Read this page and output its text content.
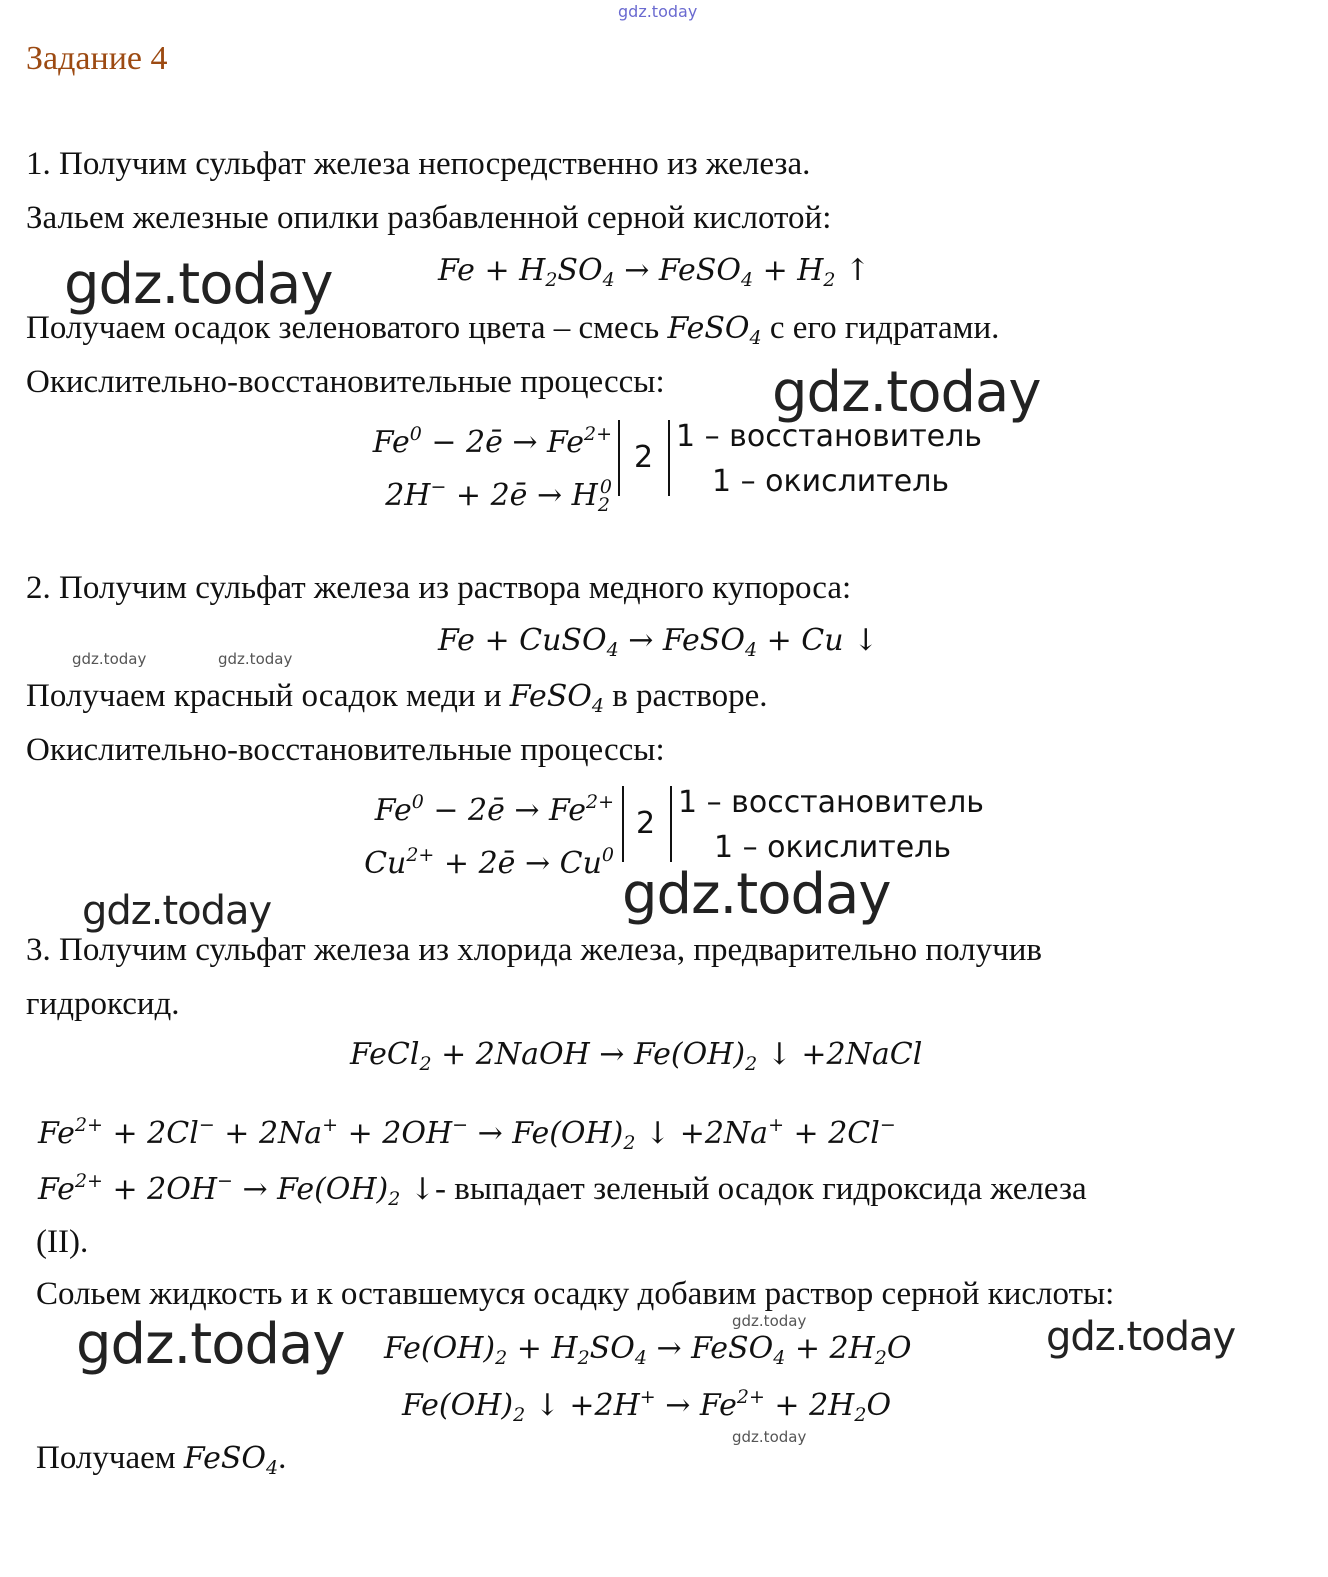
gdz.today
gdz.today
gdz.today
gdz.today	gdz.today
gdz.today
gdz.today
gdz.today	gdz.today
gdz.today
gdz.today
Задание 4
1. Получим сульфат железа непосредственно из железа.
Зальем железные опилки разбавленной серной кислотой:
$Fe + H_2SO_4$ → FeSO$_4$ + $H_2$ ↑
Получаем осадок зеленоватого цвета – смесь FeSO$_4$ с его гидратами.
Окислительно-восстановительные процессы:
$Fe^0$ − 2ē → $Fe^{2+}$
2H− + 2ē → $H_2^0$
2
1 – восстановитель
1 – окислитель
2. Получим сульфат железа из раствора медного купороса:
Fe + CuSO$_4$ → FeSO$_4$ + Cu ↓
Получаем красный осадок меди и FeSO$_4$ в растворе.
Окислительно-восстановительные процессы:
$Fe^0$ − 2ē → $Fe^{2+}$
$Cu^{2+}$ + 2ē → $Cu^0$
2
1 – восстановитель
1 – окислитель
3. Получим сульфат железа из хлорида железа, предварительно получив
гидроксид.
FeCl$_2$ + 2NaOH → $Fe(OH)_2$ ↓ +2NaCl
$Fe^{2+} + 2Cl^- + 2Na^+ + 2OH^- \to Fe(OH)_2$ ↓ +2Na+ + 2Cl−
$Fe^{2+} + 2OH^- \to Fe(OH)_2$ ↓- выпадает зеленый осадок гидроксида железа
(II).
Сольем жидкость и к оставшемуся осадку добавим раствор серной кислоты:
$Fe(OH)_2 + H_2SO_4$ → FeSO$_4$ + $2H_2O$
$Fe(OH)_2$ ↓ $+2H^+ \to Fe^{2+} + 2H_2O$
Получаем FeSO$_4$.
